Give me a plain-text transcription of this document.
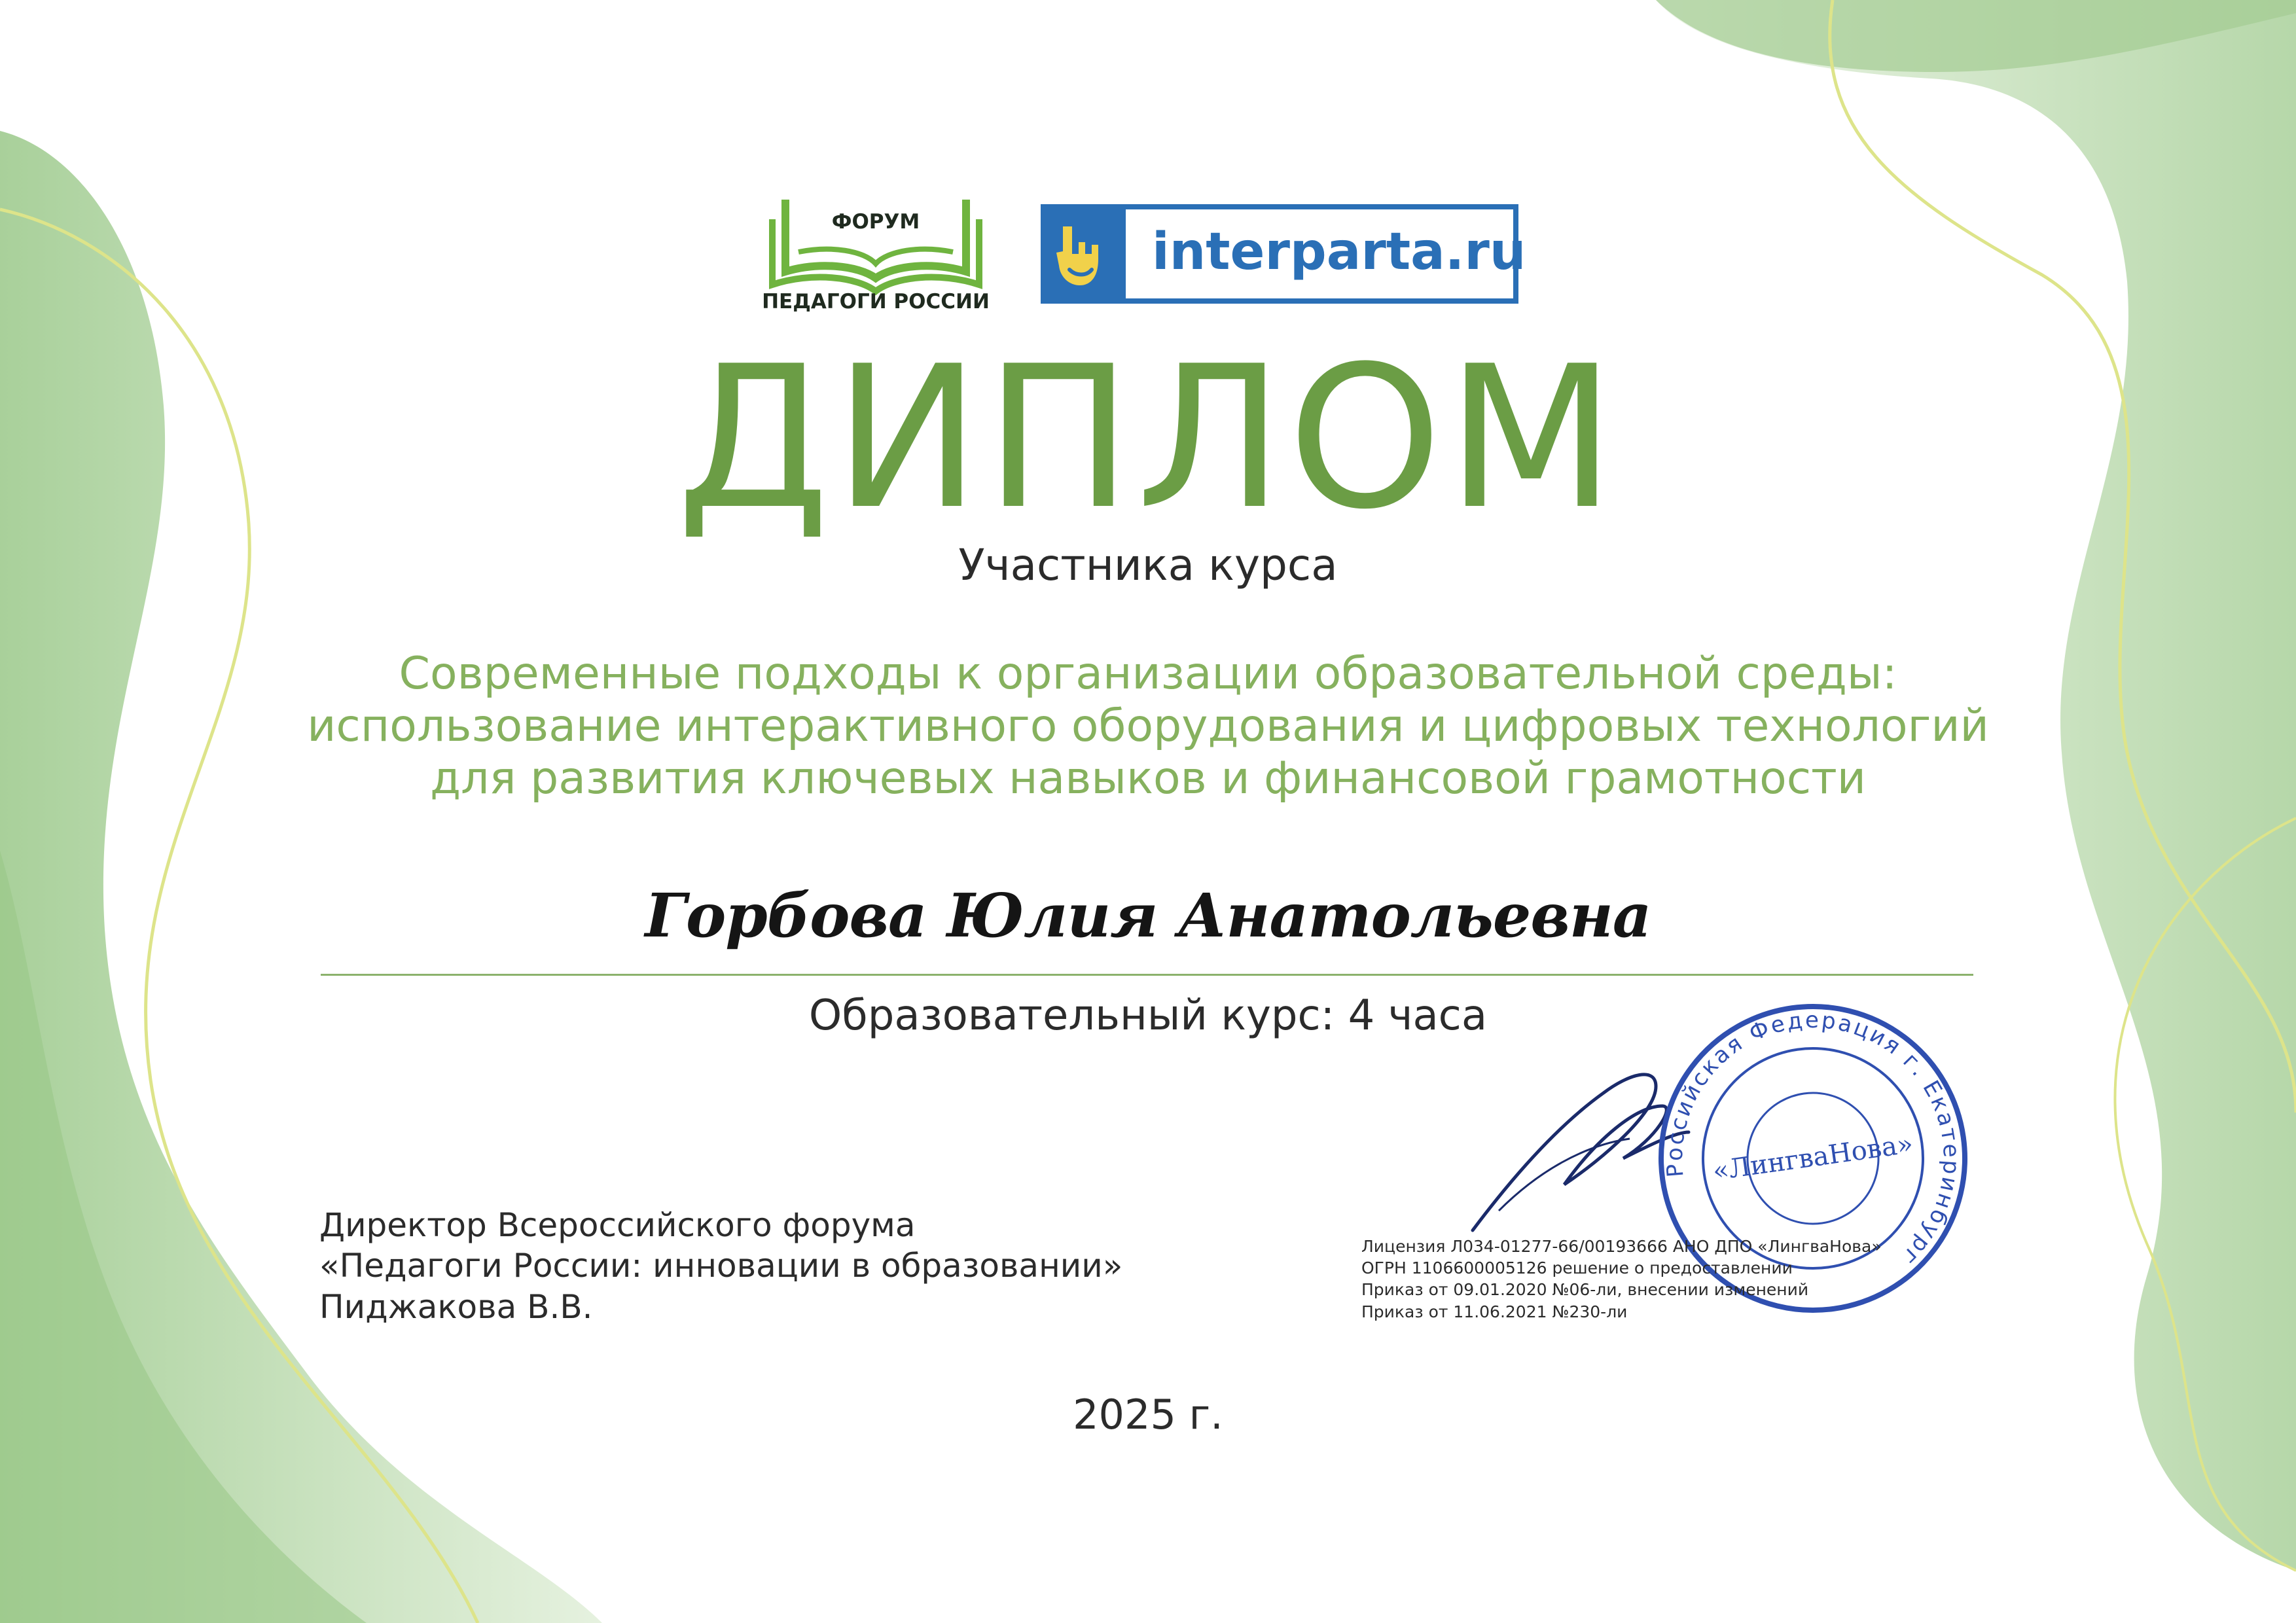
ФОРУМ
ПЕДАГОГИ РОССИИ
interparta.ru
ДИПЛОМ
Участника курса
Современные подходы к организации образовательной среды:
использование интерактивного оборудования и цифровых технологий
для развития ключевых навыков и финансовой грамотности
Горбова Юлия Анатольевна
Образовательный курс: 4 часа
Директор Всероссийского форума
«Педагоги России: инновации в образовании»
Пиджакова В.В.
Российская Федерация г. Екатеринбург
«ЛингваНова»
Лицензия Л034-01277-66/00193666 АНО ДПО «ЛингваНова»
ОГРН 1106600005126 решение о предоставлении
Приказ от 09.01.2020 №06-ли, внесении изменений
Приказ от 11.06.2021 №230-ли
2025 г.
